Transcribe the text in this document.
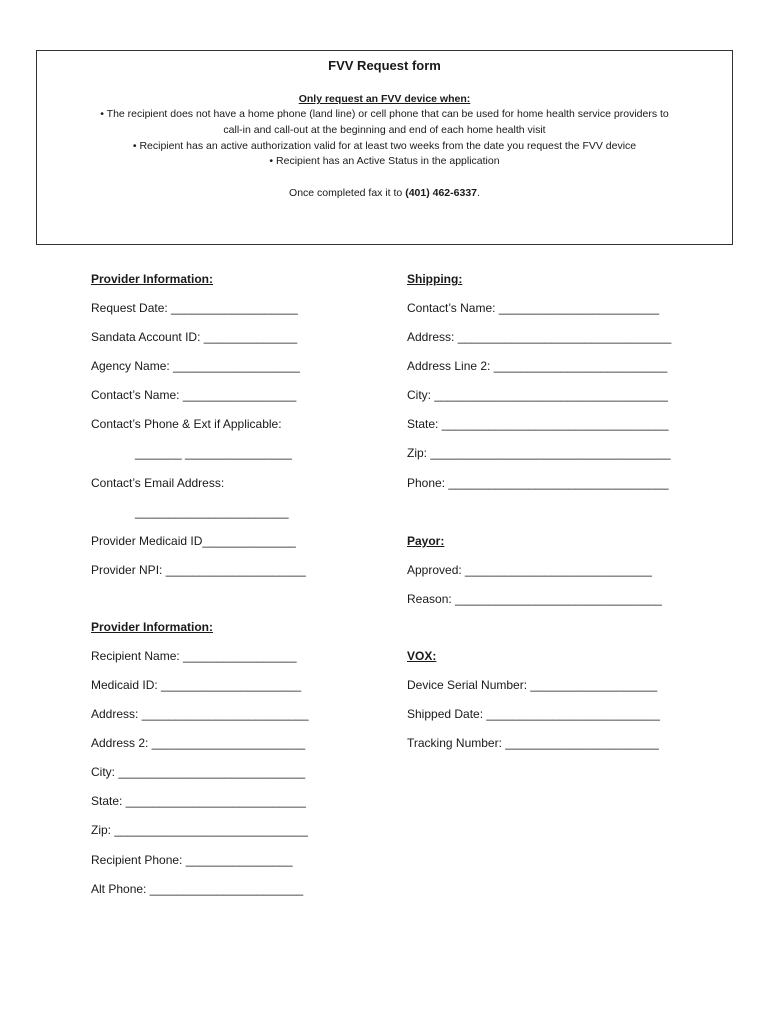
FVV Request form
Only request an FVV device when:
• The recipient does not have a home phone (land line) or cell phone that can be used for home health service providers to
call-in and call-out at the beginning and end of each home health visit
• Recipient has an active authorization valid for at least two weeks from the date you request the FVV device
• Recipient has an Active Status in the application
Once completed fax it to (401) 462-6337.
Provider Information:
Request Date: ___________________
Sandata Account ID: ______________
Agency Name: ___________________
Contact’s Name: _________________
Contact’s Phone & Ext if Applicable:
_______ ________________
Contact’s Email Address:
_______________________
Provider Medicaid ID______________
Provider NPI: _____________________
Provider Information:
Recipient Name: _________________
Medicaid ID: _____________________
Address: _________________________
Address 2: _______________________
City: ____________________________
State: ___________________________
Zip: _____________________________
Recipient Phone: ________________
Alt Phone: _______________________
Shipping:
Contact’s Name: ________________________
Address: ________________________________
Address Line 2: __________________________
City: ___________________________________
State: __________________________________
Zip: ____________________________________
Phone: _________________________________
Payor:
Approved: ____________________________
Reason: _______________________________
VOX:
Device Serial Number: ___________________
Shipped Date: __________________________
Tracking Number: _______________________
